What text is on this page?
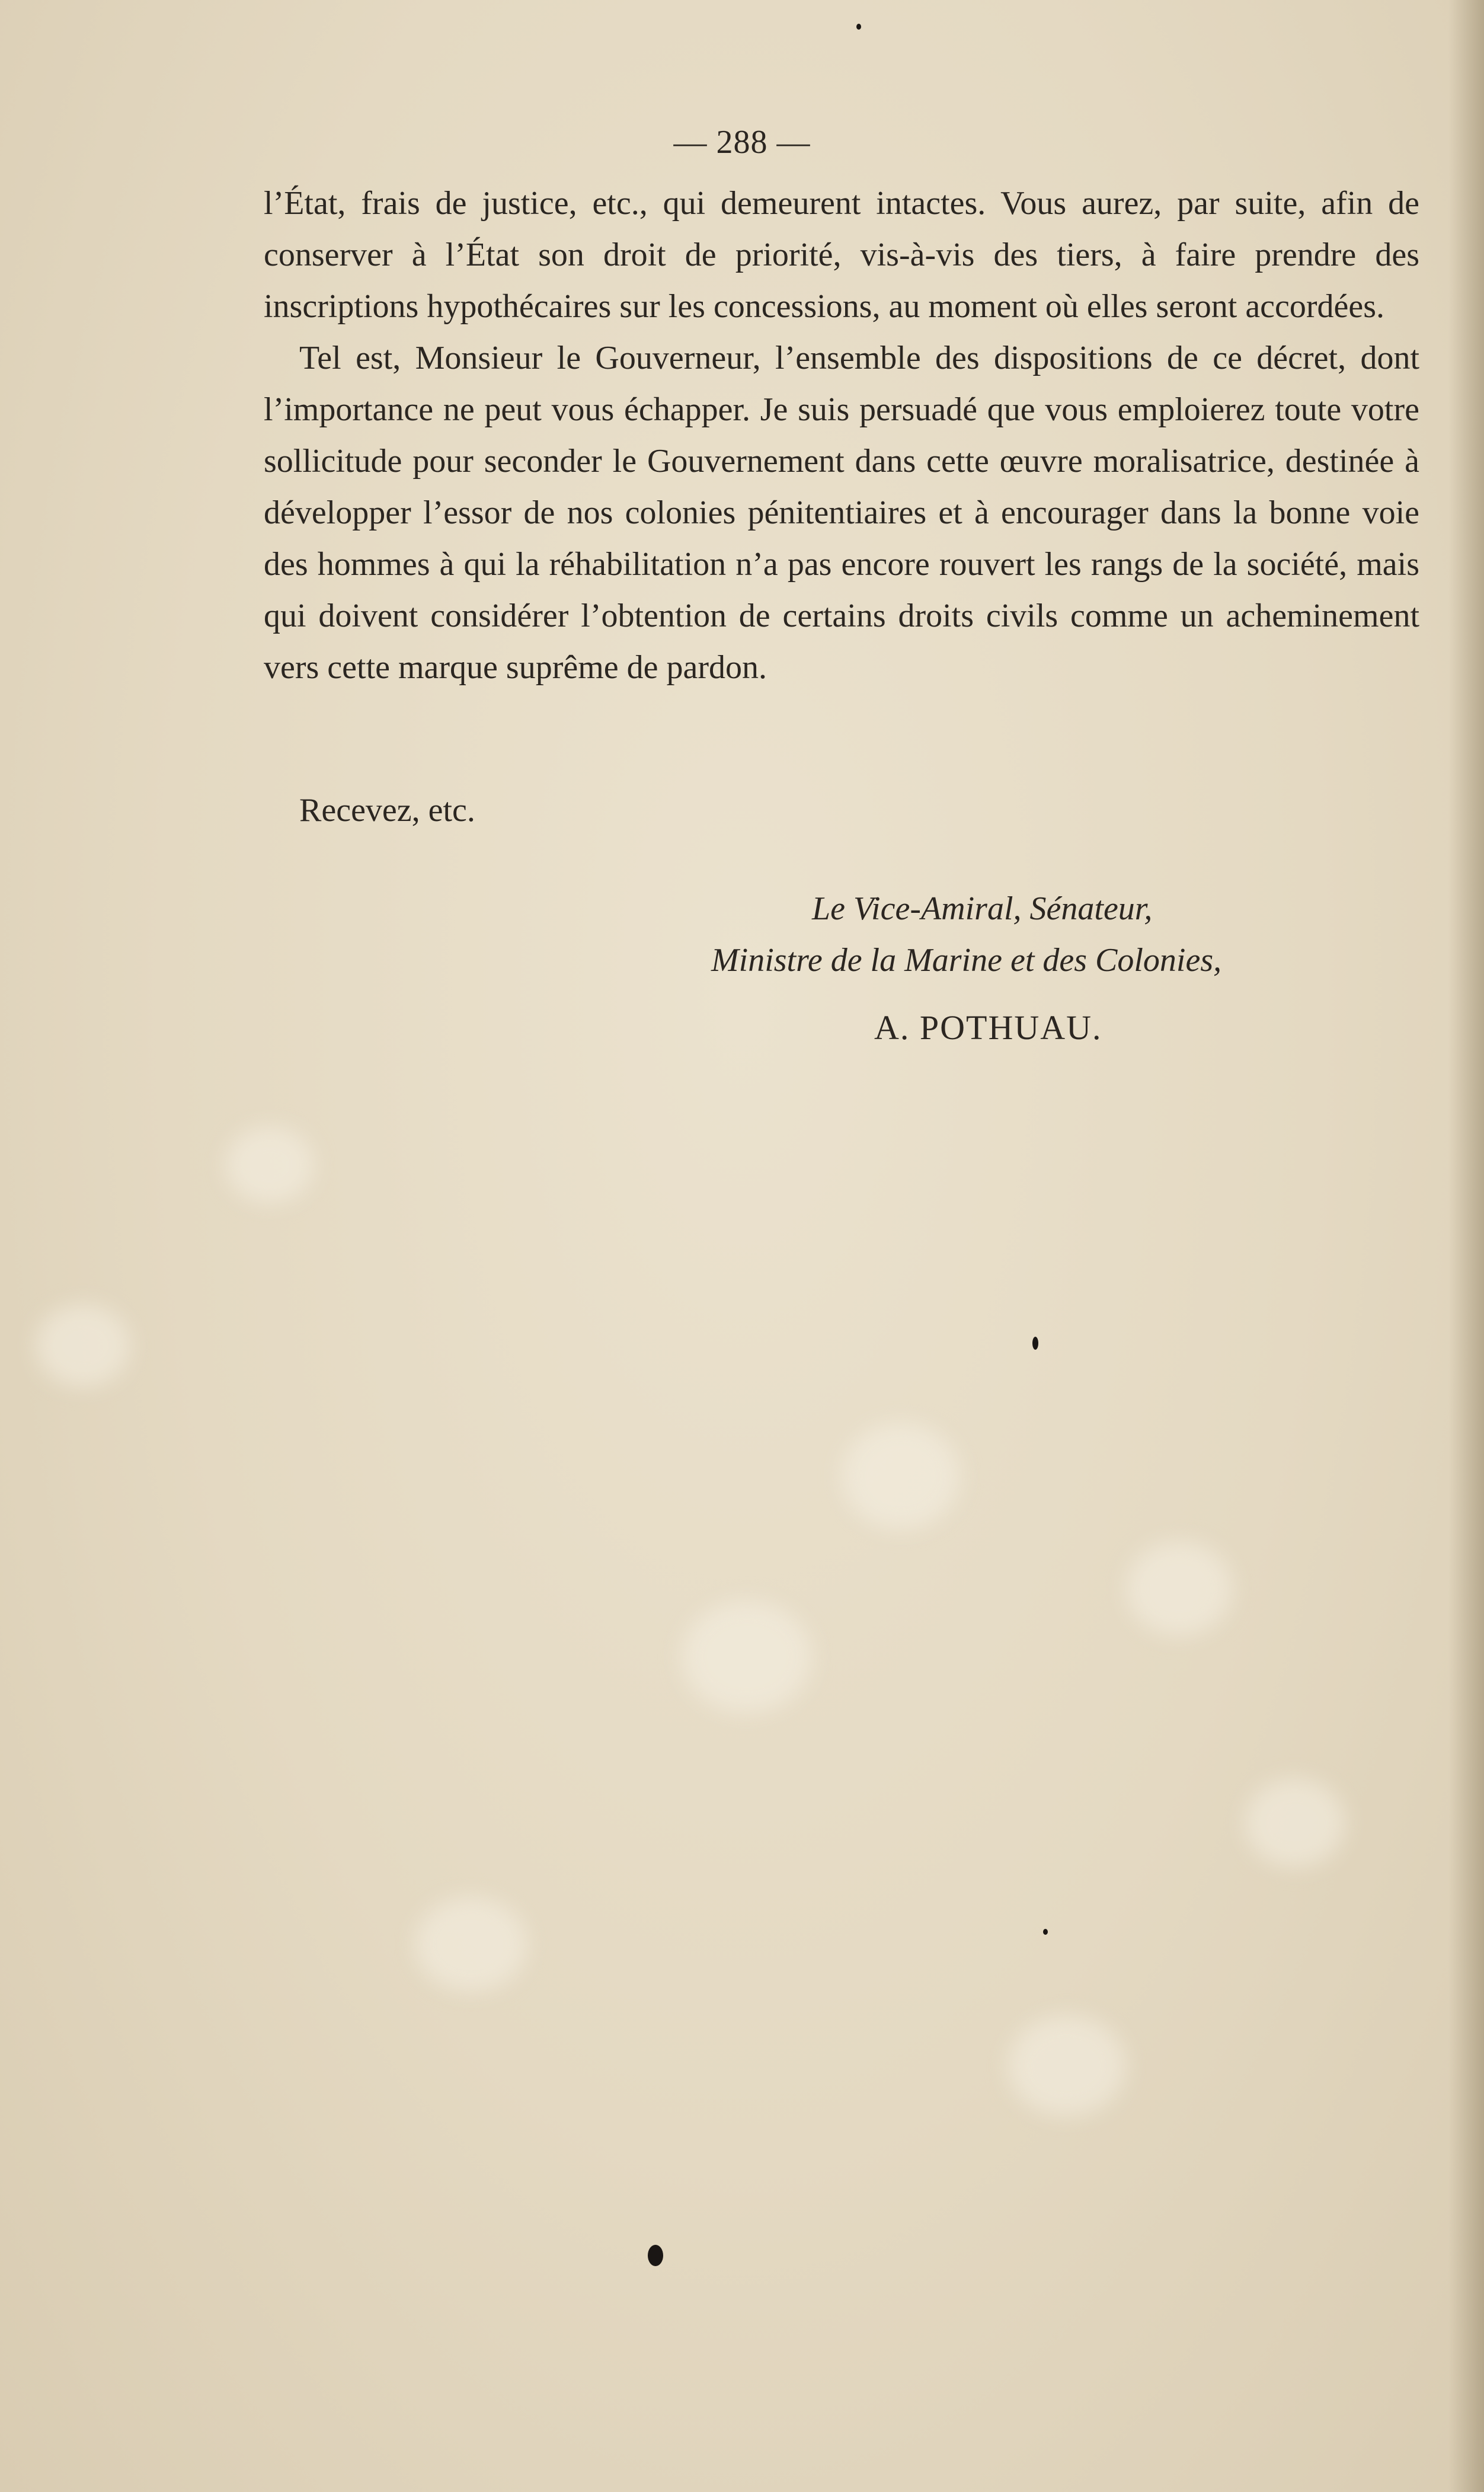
— 288 —

l’État, frais de justice, etc., qui demeurent intactes. Vous aurez, par suite, afin de conserver à l’État son droit de priorité, vis-à-vis des tiers, à faire prendre des inscriptions hypothécaires sur les concessions, au moment où elles seront accordées.

Tel est, Monsieur le Gouverneur, l’ensemble des dispositions de ce décret, dont l’importance ne peut vous échapper. Je suis persuadé que vous emploierez toute votre sollicitude pour seconder le Gouvernement dans cette œuvre moralisatrice, destinée à développer l’essor de nos colonies pénitentiaires et à encourager dans la bonne voie des hommes à qui la réhabilitation n’a pas encore rouvert les rangs de la société, mais qui doivent considérer l’obtention de certains droits civils comme un acheminement vers cette marque suprême de pardon.

Recevez, etc.
Le Vice-Amiral, Sénateur,
Ministre de la Marine et des Colonies,
A. POTHUAU.
